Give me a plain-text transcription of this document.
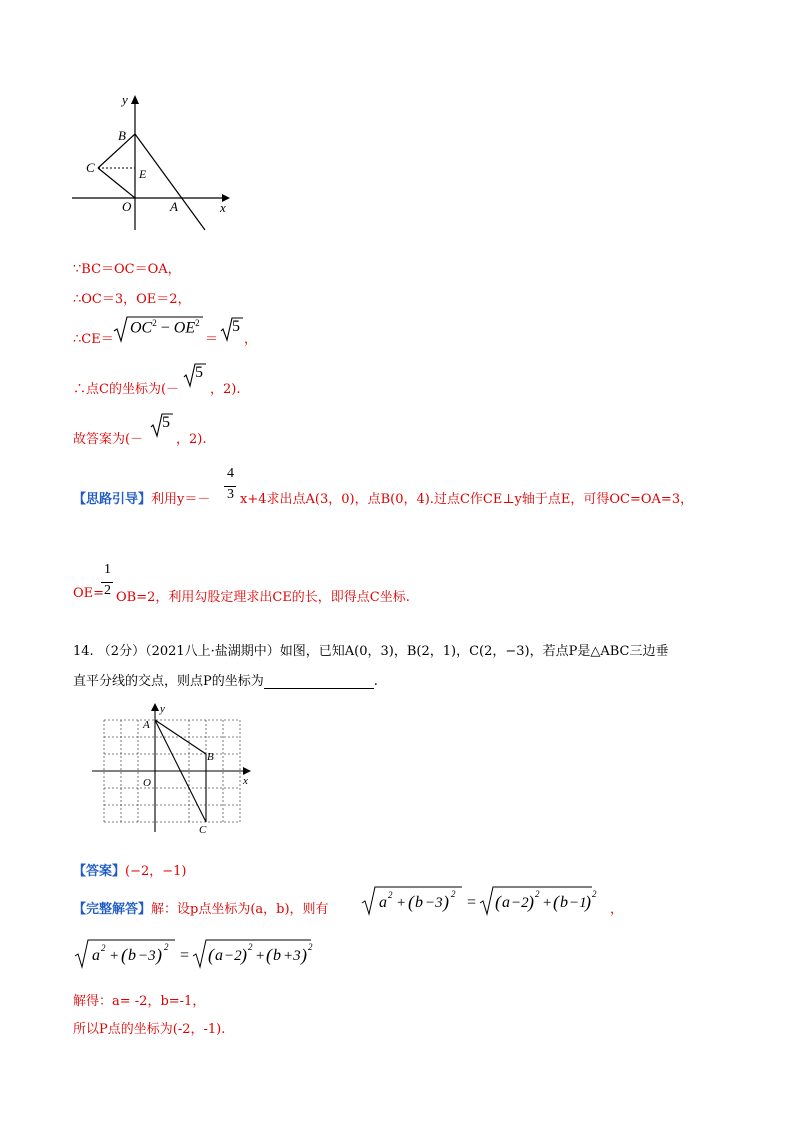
y
x
B
C	E
O	A
∵BC＝OC＝OA，
∴OC＝3，OE＝2，
∴CE＝
$OC^2 - OE^2$
＝
5
，
∴点C的坐标为(－
5
，2).
故答案为(－
5
，2).
【思路引导】利用y＝－
4
3 x+4求出点A(3，0)，点B(0，4).过点C作CE⊥y轴于点E，可得OC=OA=3，
1
2
OE= OB=2，利用勾股定理求出CE的长，即得点C坐标.
14. （2分）（2021八上·盐湖期中）如图，已知A(0，3)，B(2，1)，C(2，−3)，若点P是△ABC三边垂
直平分线的交点，则点P的坐标为	.
y
x
A
B
O
C
【答案】(−2，−1)
【完整解答】解：设p点坐标为(a，b)，则有	a 2 + ( b −3 ) 2 = ( a −2 ) 2
+ ( b −1
) 2
，
a 2 + ( b −3 ) 2 = ( a −2 ) 2
+ ( b +3 ) 2
解得：a= -2，b=-1，
所以P点的坐标为(-2，-1).
